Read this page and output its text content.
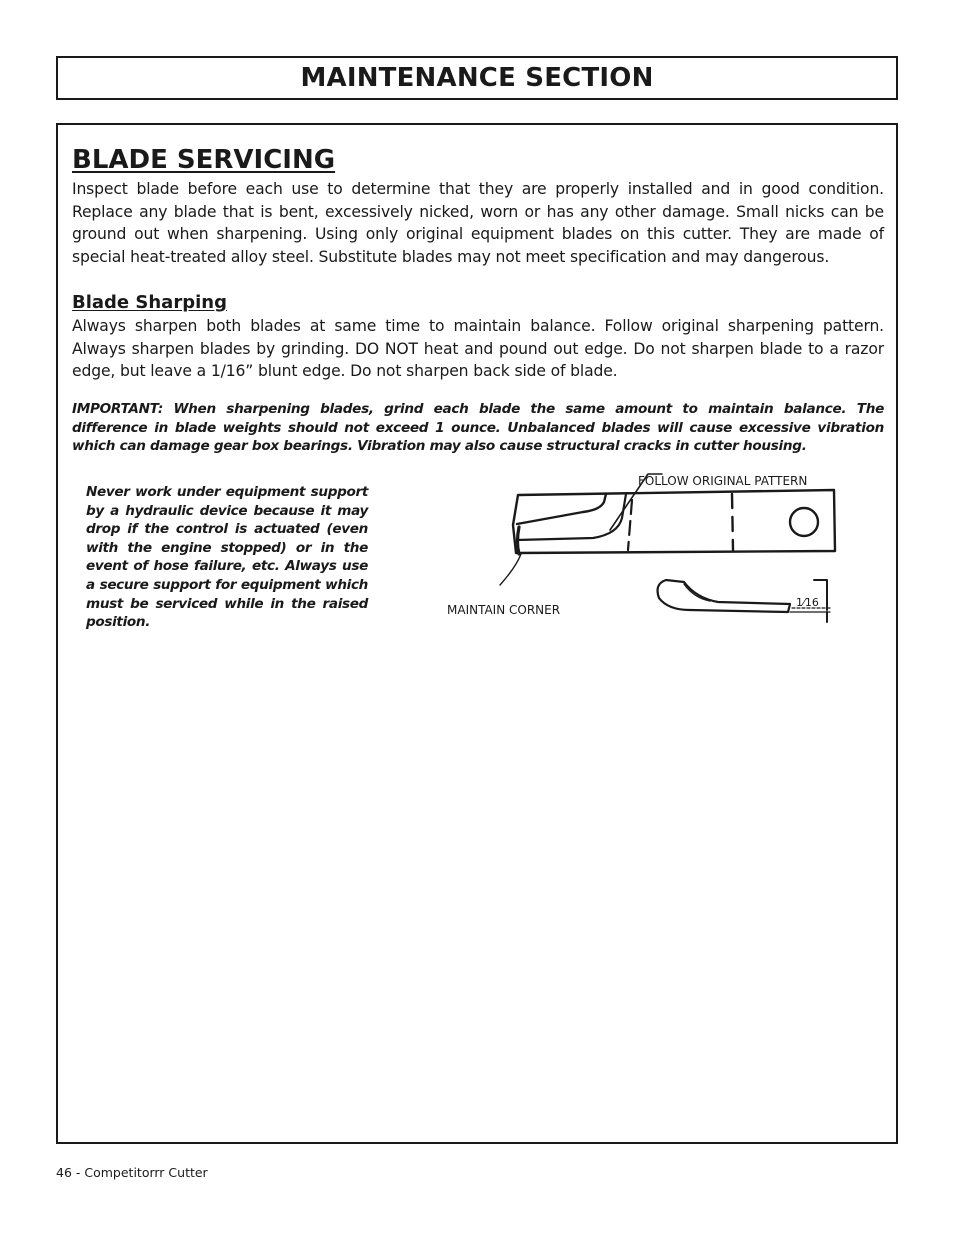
MAINTENANCE SECTION
BLADE SERVICING

Inspect blade before each use to determine that they are properly installed and in good condition. Replace any blade that is bent, excessively nicked, worn or has any other damage. Small nicks can be ground out when sharpening. Using only original equipment blades on this cutter. They are made of special heat-treated alloy steel. Substitute blades may not meet specification and may dangerous.

Blade Sharping

Always sharpen both blades at same time to maintain balance. Follow original sharpening pattern. Always sharpen blades by grinding. DO NOT heat and pound out edge. Do not sharpen blade to a razor edge, but leave a 1/16” blunt edge. Do not sharpen back side of blade.

IMPORTANT: When sharpening blades, grind each blade the same amount to maintain balance. The difference in blade weights should not exceed 1 ounce. Unbalanced blades will cause excessive vibration which can damage gear box bearings. Vibration may also cause structural cracks in cutter housing.

Never work under equipment support by a hydraulic device because it may drop if the control is actuated (even with the engine stopped) or in the event of hose failure, etc. Always use a secure support for equipment which must be serviced while in the raised position.

FOLLOW ORIGINAL PATTERN
MAINTAIN CORNER
1⁄16
46 - Competitorrr Cutter
